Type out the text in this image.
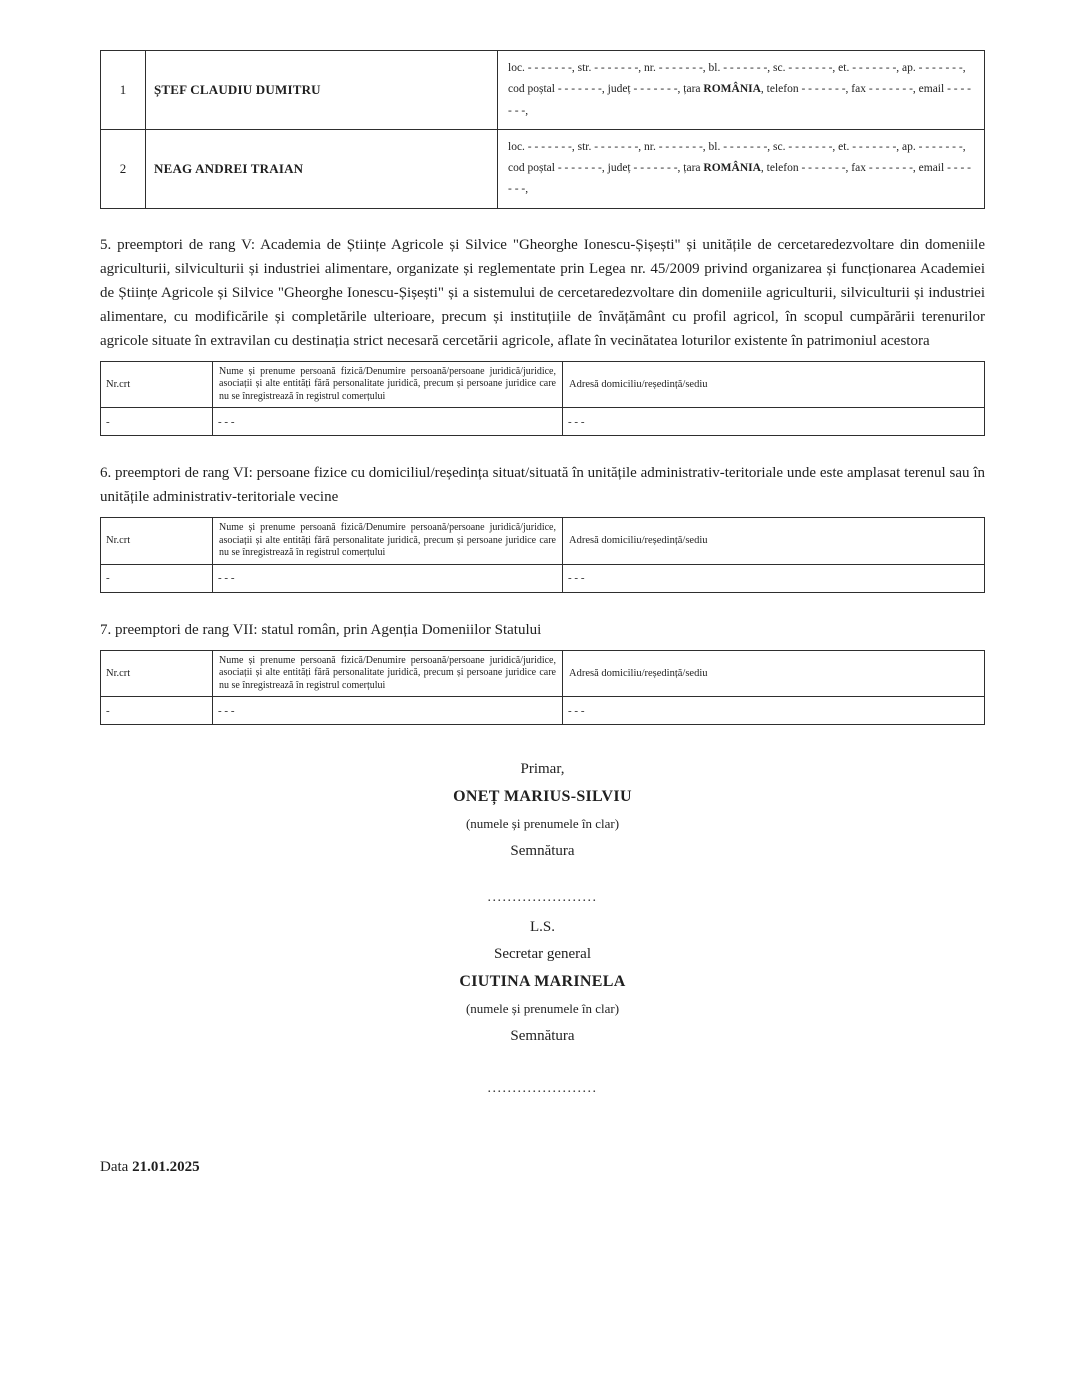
1	ȘTEF CLAUDIU DUMITRU	loc. - - - - - - -, str. - - - - - - -, nr. - - - - - - -, bl. - - - - - - -, sc. - - - - - - -, et. - - - - - - -, ap. - - - - - - -, cod poștal - - - - - - -, județ - - - - - - -, țara ROMÂNIA, telefon - - - - - - -, fax - - - - - - -, email - - - - - - -,
2	NEAG ANDREI TRAIAN	loc. - - - - - - -, str. - - - - - - -, nr. - - - - - - -, bl. - - - - - - -, sc. - - - - - - -, et. - - - - - - -, ap. - - - - - - -, cod poștal - - - - - - -, județ - - - - - - -, țara ROMÂNIA, telefon - - - - - - -, fax - - - - - - -, email - - - - - - -,

5. preemptori de rang V: Academia de Științe Agricole și Silvice "Gheorghe Ionescu-Șișești" și unitățile de cercetaredezvoltare din domeniile agriculturii, silviculturii și industriei alimentare, organizate și reglementate prin Legea nr. 45/2009 privind organizarea și funcționarea Academiei de Științe Agricole și Silvice "Gheorghe Ionescu-Șișești" și a sistemului de cercetaredezvoltare din domeniile agriculturii, silviculturii și industriei alimentare, cu modificările și completările ulterioare, precum și instituțiile de învățământ cu profil agricol, în scopul cumpărării terenurilor agricole situate în extravilan cu destinația strict necesară cercetării agricole, aflate în vecinătatea loturilor existente în patrimoniul acestora

Nr.crt	Nume și prenume persoană fizică/Denumire persoană/persoane juridică/juridice, asociații și alte entități fără personalitate juridică, precum și persoane juridice care nu se înregistrează în registrul comerțului	Adresă domiciliu/reședință/sediu
-	- - -	- - -

6. preemptori de rang VI: persoane fizice cu domiciliul/reședința situat/situată în unitățile administrativ-teritoriale unde este amplasat terenul sau în unitățile administrativ-teritoriale vecine

Nr.crt	Nume și prenume persoană fizică/Denumire persoană/persoane juridică/juridice, asociații și alte entități fără personalitate juridică, precum și persoane juridice care nu se înregistrează în registrul comerțului	Adresă domiciliu/reședință/sediu
-	- - -	- - -

7. preemptori de rang VII: statul român, prin Agenția Domeniilor Statului

Nr.crt	Nume și prenume persoană fizică/Denumire persoană/persoane juridică/juridice, asociații și alte entități fără personalitate juridică, precum și persoane juridice care nu se înregistrează în registrul comerțului	Adresă domiciliu/reședință/sediu
-	- - -	- - -
Primar,
ONEȚ MARIUS-SILVIU
(numele și prenumele în clar)
Semnătura
......................
L.S.
Secretar general
CIUTINA MARINELA
(numele și prenumele în clar)
Semnătura
......................
Data 21.01.2025
